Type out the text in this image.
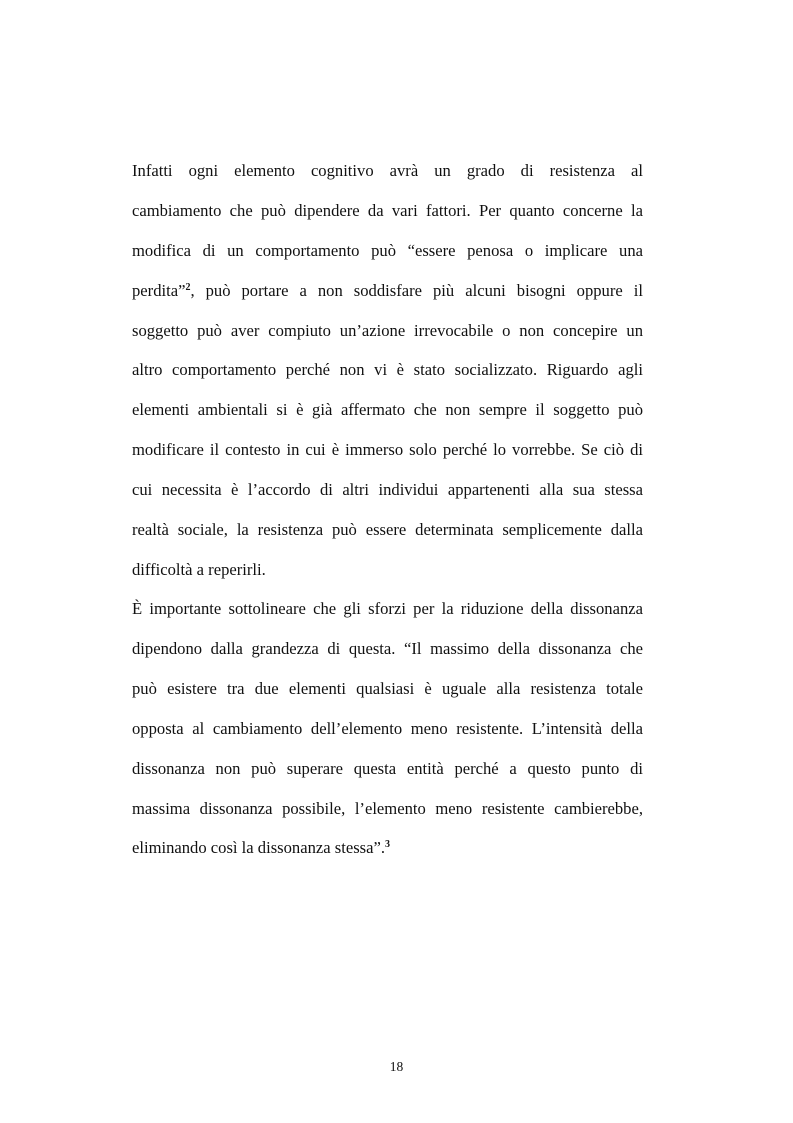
Infatti ogni elemento cognitivo avrà un grado di resistenza al
cambiamento che può dipendere da vari fattori. Per quanto concerne la
modifica di un comportamento può “essere penosa o implicare una
perdita”$^2$, può portare a non soddisfare più alcuni bisogni oppure il
soggetto può aver compiuto un’azione irrevocabile o non concepire un
altro comportamento perché non vi è stato socializzato. Riguardo agli
elementi ambientali si è già affermato che non sempre il soggetto può
modificare il contesto in cui è immerso solo perché lo vorrebbe. Se ciò di
cui necessita è l’accordo di altri individui appartenenti alla sua stessa
realtà sociale, la resistenza può essere determinata semplicemente dalla
difficoltà a reperirli.
È importante sottolineare che gli sforzi per la riduzione della dissonanza
dipendono dalla grandezza di questa. “Il massimo della dissonanza che
può esistere tra due elementi qualsiasi è uguale alla resistenza totale
opposta al cambiamento dell’elemento meno resistente. L’intensità della
dissonanza non può superare questa entità perché a questo punto di
massima dissonanza possibile, l’elemento meno resistente cambierebbe,
eliminando così la dissonanza stessa”.$^3$
18
